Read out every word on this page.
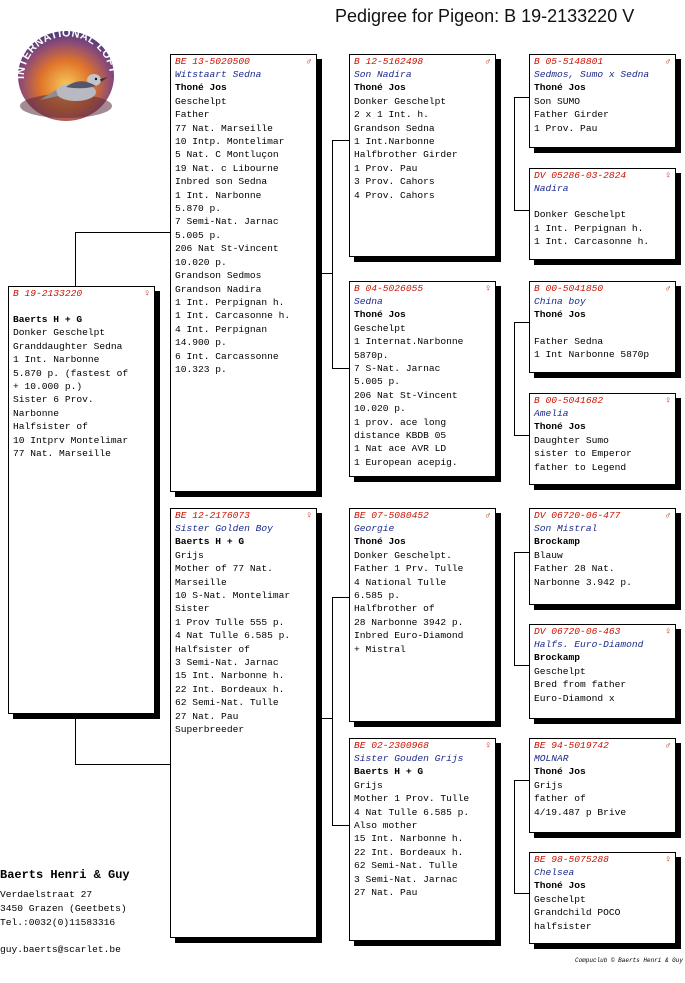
Pedigree for Pigeon: B 19-2133220 V
INTERNATIONAL LOFT
B 19-2133220	♀
Baerts H + G
Donker Geschelpt
Granddaughter Sedna
1 Int. Narbonne
5.870 p. (fastest of
+ 10.000 p.)
Sister 6 Prov.
Narbonne
Halfsister of
10 Intprv Montelimar
77 Nat. Marseille
BE 13-5020500	♂
Witstaart Sedna
Thoné Jos
Geschelpt
Father
77 Nat. Marseille
10 Intp. Montelimar
5 Nat. C Montluçon
19 Nat. c Libourne
Inbred son Sedna
1 Int. Narbonne
5.870 p.
7 Semi-Nat. Jarnac
5.005 p.
206 Nat St-Vincent
10.020 p.
Grandson Sedmos
Grandson Nadira
1 Int. Perpignan h.
1 Int. Carcasonne h.
4 Int. Perpignan
14.900 p.
6 Int. Carcassonne
10.323 p.
BE 12-2176073	♀
Sister Golden Boy
Baerts H + G
Grijs
Mother of 77 Nat.
Marseille
10 S-Nat. Montelimar
Sister
1 Prov Tulle 555 p.
4 Nat Tulle 6.585 p.
Halfsister of
3 Semi-Nat. Jarnac
15 Int. Narbonne h.
22 Int. Bordeaux h.
62 Semi-Nat. Tulle
27 Nat. Pau
Superbreeder
B 12-5162498	♂
Son Nadira
Thoné Jos
Donker Geschelpt
2 x 1 Int. h.
Grandson Sedna
1 Int.Narbonne
Halfbrother Girder
1 Prov. Pau
3 Prov. Cahors
4 Prov. Cahors
B 04-5026055	♀
Sedna
Thoné Jos
Geschelpt
1 Internat.Narbonne
5870p.
7 S-Nat. Jarnac
5.005 p.
206 Nat St-Vincent
10.020 p.
1 prov. ace long
distance KBDB 05
1 Nat ace AVR LD
1 European acepig.
BE 07-5080452	♂
Georgie
Thoné Jos
Donker Geschelpt.
Father 1 Prv. Tulle
4 National Tulle
6.585 p.
Halfbrother of
28 Narbonne 3942 p.
Inbred Euro-Diamond
+ Mistral
BE 02-2300968	♀
Sister Gouden Grijs
Baerts H + G
Grijs
Mother 1 Prov. Tulle
4 Nat Tulle 6.585 p.
Also mother
15 Int. Narbonne h.
22 Int. Bordeaux h.
62 Semi-Nat. Tulle
3 Semi-Nat. Jarnac
27 Nat. Pau
B 05-5148801	♂
Sedmos, Sumo x Sedna
Thoné Jos
Son SUMO
Father Girder
1 Prov. Pau
DV 05286-03-2824	♀
Nadira
Donker Geschelpt
1 Int. Perpignan h.
1 Int. Carcasonne h.
B 00-5041850	♂
China boy
Thoné Jos
Father Sedna
1 Int Narbonne 5870p
B 00-5041682	♀
Amelia
Thoné Jos
Daughter Sumo
sister to Emperor
father to Legend
DV 06720-06-477	♂
Son Mistral
Brockamp
Blauw
Father 28 Nat.
Narbonne 3.942 p.
DV 06720-06-463	♀
Halfs. Euro-Diamond
Brockamp
Geschelpt
Bred from father
Euro-Diamond x
BE 94-5019742	♂
MOLNAR
Thoné Jos
Grijs
father of
4/19.487 p Brive
BE 98-5075288	♀
Chelsea
Thoné Jos
Geschelpt
Grandchild POCO
halfsister
Baerts Henri & Guy
Verdaelstraat 27
3450 Grazen (Geetbets)
Tel.:0032(0)11583316
guy.baerts@scarlet.be
Compuclub © Baerts Henri & Guy
